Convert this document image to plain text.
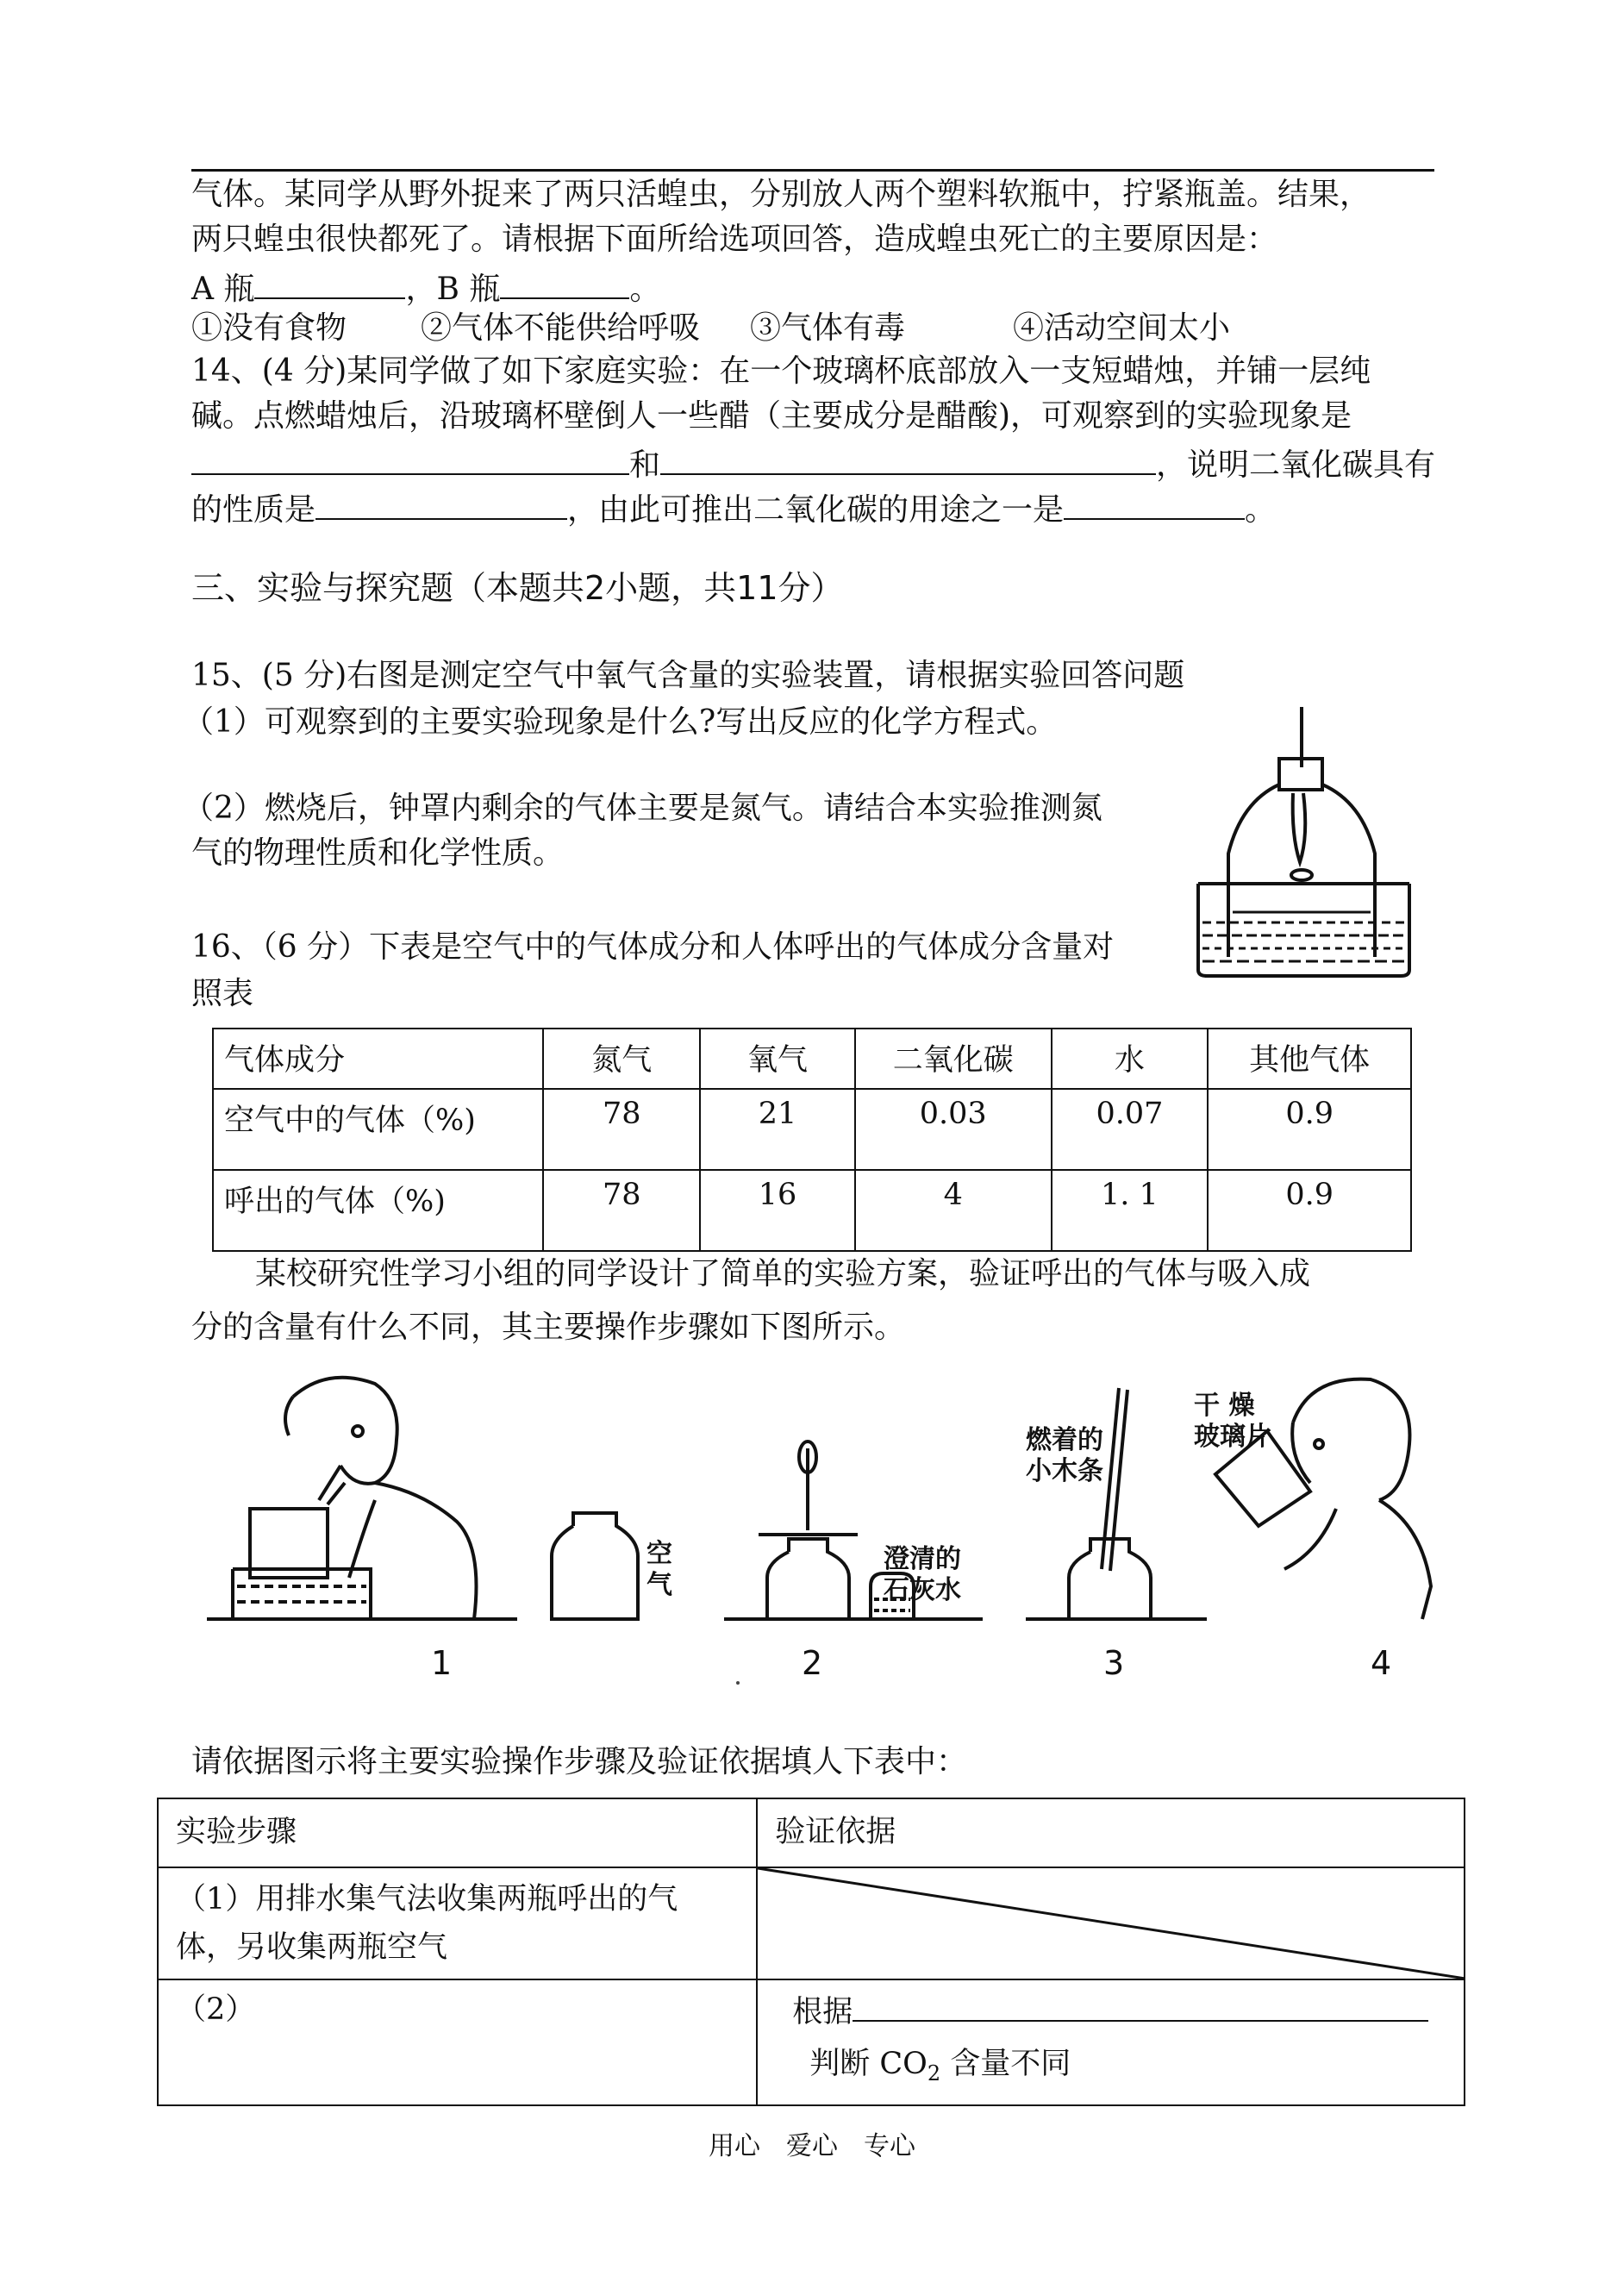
气体。某同学从野外捉来了两只活蝗虫，分别放人两个塑料软瓶中，拧紧瓶盖。结果，
两只蝗虫很快都死了。请根据下面所给选项回答，造成蝗虫死亡的主要原因是：
A 瓶	，B 瓶	。
①没有食物 ②气体不能供给呼吸 ③气体有毒	④活动空间太小
14、(4 分)某同学做了如下家庭实验：在一个玻璃杯底部放入一支短蜡烛，并铺一层纯
碱。点燃蜡烛后，沿玻璃杯壁倒人一些醋（主要成分是醋酸)，可观察到的实验现象是
和	，说明二氧化碳具有
的性质是	，由此可推出二氧化碳的用途之一是	。
三、实验与探究题（本题共2小题，共11分）
15、(5 分)右图是测定空气中氧气含量的实验装置，请根据实验回答问题
（1）可观察到的主要实验现象是什么?写出反应的化学方程式。
（2）燃烧后，钟罩内剩余的气体主要是氮气。请结合本实验推测氮
气的物理性质和化学性质。
16、（6 分）下表是空气中的气体成分和人体呼出的气体成分含量对
照表
气体成分	氮气	氧气	二氧化碳	水	其他气体
空气中的气体（%)	78	21	0.03	0.07	0.9
呼出的气体（%)	78	16	4	1. 1	0.9
某校研究性学习小组的同学设计了简单的实验方案，验证呼出的气体与吸入成
分的含量有什么不同，其主要操作步骤如下图所示。
空
气
澄清的
石灰水
燃着的
小木条
干 燥
玻璃片
1	2	3	4
请依据图示将主要实验操作步骤及验证依据填人下表中：
实验步骤	验证依据

（1）用排水集气法收集两瓶呼出的气
体，另收集两瓶空气

（2）	根据
判断 $CO_2$ 含量不同
用心　爱心　专心
